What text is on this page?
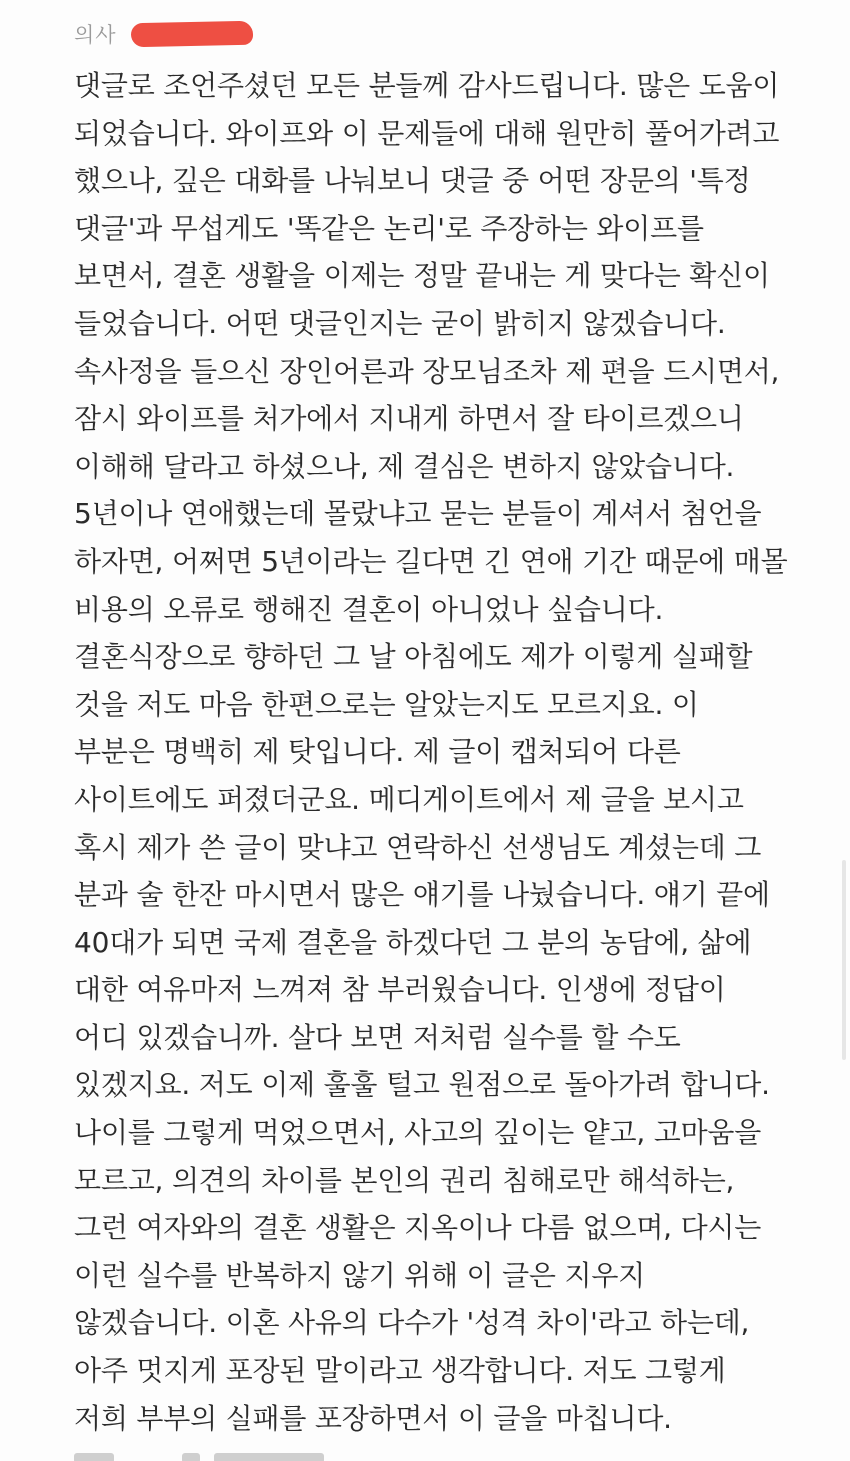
의사
댓글로 조언주셨던 모든 분들께 감사드립니다. 많은 도움이
되었습니다. 와이프와 이 문제들에 대해 원만히 풀어가려고
했으나, 깊은 대화를 나눠보니 댓글 중 어떤 장문의 '특정
댓글'과 무섭게도 '똑같은 논리'로 주장하는 와이프를
보면서, 결혼 생활을 이제는 정말 끝내는 게 맞다는 확신이
들었습니다. 어떤 댓글인지는 굳이 밝히지 않겠습니다.
속사정을 들으신 장인어른과 장모님조차 제 편을 드시면서,
잠시 와이프를 처가에서 지내게 하면서 잘 타이르겠으니
이해해 달라고 하셨으나, 제 결심은 변하지 않았습니다.
5년이나 연애했는데 몰랐냐고 묻는 분들이 계셔서 첨언을
하자면, 어쩌면 5년이라는 길다면 긴 연애 기간 때문에 매몰
비용의 오류로 행해진 결혼이 아니었나 싶습니다.
결혼식장으로 향하던 그 날 아침에도 제가 이렇게 실패할
것을 저도 마음 한편으로는 알았는지도 모르지요. 이
부분은 명백히 제 탓입니다. 제 글이 캡처되어 다른
사이트에도 퍼졌더군요. 메디게이트에서 제 글을 보시고
혹시 제가 쓴 글이 맞냐고 연락하신 선생님도 계셨는데 그
분과 술 한잔 마시면서 많은 얘기를 나눴습니다. 얘기 끝에
40대가 되면 국제 결혼을 하겠다던 그 분의 농담에, 삶에
대한 여유마저 느껴져 참 부러웠습니다. 인생에 정답이
어디 있겠습니까. 살다 보면 저처럼 실수를 할 수도
있겠지요. 저도 이제 훌훌 털고 원점으로 돌아가려 합니다.
나이를 그렇게 먹었으면서, 사고의 깊이는 얕고, 고마움을
모르고, 의견의 차이를 본인의 권리 침해로만 해석하는,
그런 여자와의 결혼 생활은 지옥이나 다름 없으며, 다시는
이런 실수를 반복하지 않기 위해 이 글은 지우지
않겠습니다. 이혼 사유의 다수가 '성격 차이'라고 하는데,
아주 멋지게 포장된 말이라고 생각합니다. 저도 그렇게
저희 부부의 실패를 포장하면서 이 글을 마칩니다.
